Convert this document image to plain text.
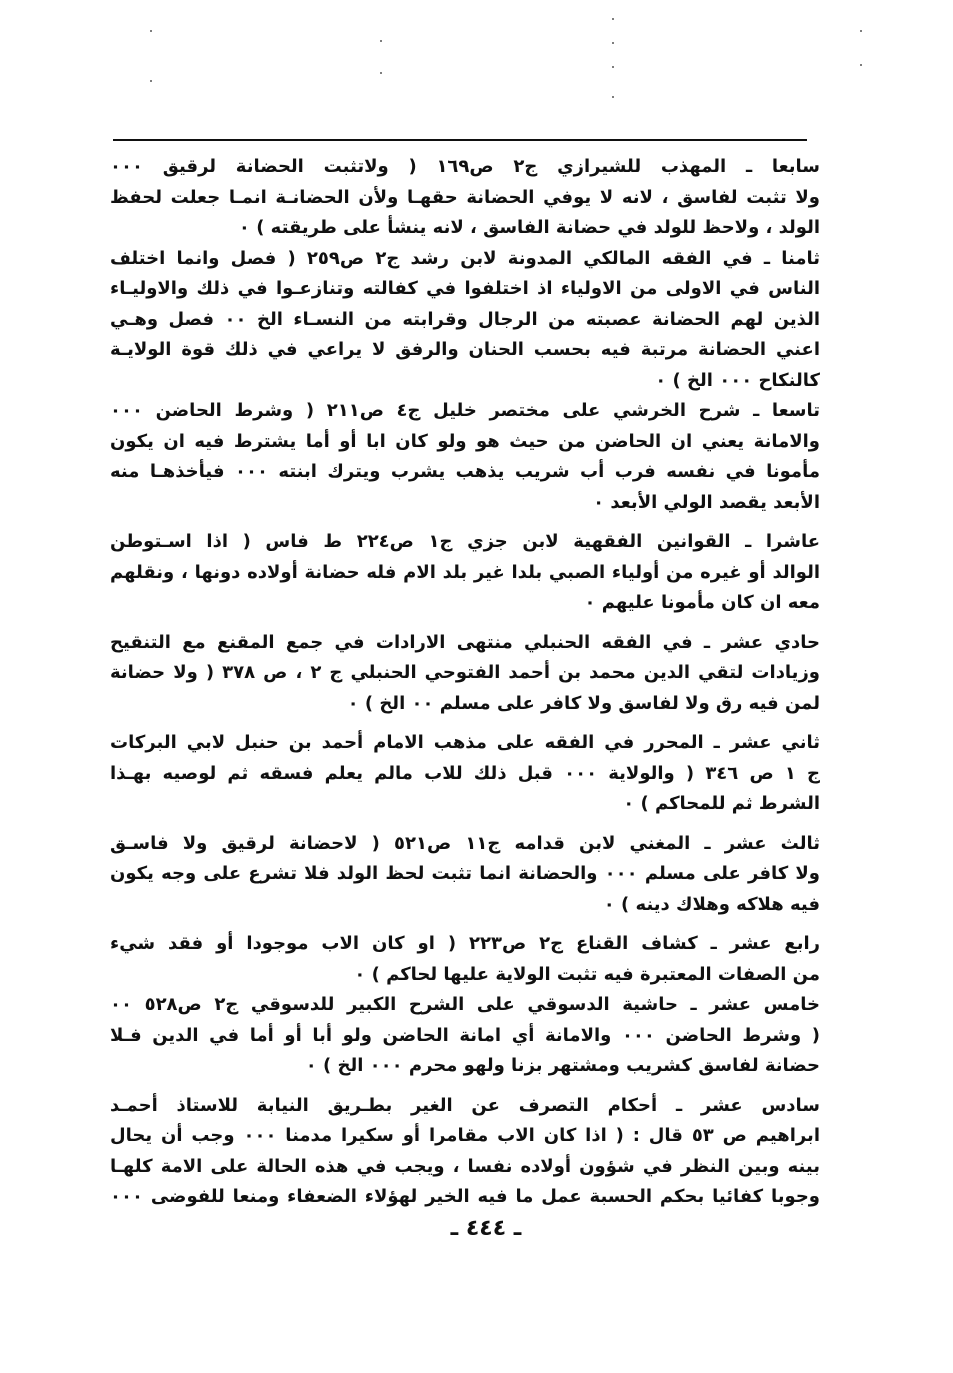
سابعا ـ المهذب للشيرازي ج٢ ص١٦٩ ( ولاتثبت الحضانة لرقيق ٠٠٠
ولا تثبت لفاسق ، لانه لا يوفي الحضانة حقهـا ولأن الحضانـة انمـا جعلت لحفظ
الولد ، ولاحظ للولد في حضانة الفاسق ، لانه ينشأ على طريقته ) ٠
ثامنا ـ في الفقه المالكي المدونة لابن رشد ج٢ ص٢٥٩ ( فصل وانما اختلف
الناس في الاولى من الاولياء اذ اختلفوا في كفالته وتنازعـوا في ذلك والاوليـاء
الذين لهم الحضانة عصبته من الرجال وقرابته من النسـاء الخ ٠٠ فصل وهـي
اعني الحضانة مرتبة فيه بحسب الحنان والرفق لا يراعي في ذلك قوة الولايـة
كالنكاح ٠٠٠ الخ ) ٠
تاسعا ـ شرح الخرشي على مختصر خليل ج٤ ص٢١١ ( وشرط الحاضن ٠٠٠
والامانة يعني ان الحاضن من حيث هو ولو كان ابا أو أما يشترط فيه ان يكون
مأمونا في نفسه فرب أب شريب يذهب يشرب ويترك ابنته ٠٠٠ فيأخذهـا منه
الأبعد يقصد الولي الأبعد ٠
عاشرا ـ القوانين الفقهية لابن جزي ج١ ص٢٢٤ ط فاس ( اذا اسـتوطن
الوالد أو غيره من أولياء الصبي بلدا غير بلد الام فله حضانة أولاده دونها ، ونقلهم
معه ان كان مأمونا عليهم ٠
حادي عشر ـ في الفقه الحنبلي منتهى الارادات في جمع المقنع مع التنقيح
وزيادات لتقي الدين محمد بن أحمد الفتوحي الحنبلي ج ٢ ، ص ٣٧٨ ( ولا حضانة
لمن فيه رق ولا لفاسق ولا كافر على مسلم ٠٠ الخ ) ٠
ثاني عشر ـ المحرر في الفقه على مذهب الامام أحمد بن حنبل لابي البركات
ج ١ ص ٣٤٦ ( والولاية ٠٠٠ قبل ذلك للاب مالم يعلم فسقه ثم لوصيه بهـذا
الشرط ثم للمحاكم ) ٠
ثالث عشر ـ المغني لابن قدامه ج١١ ص٥٢١ ( لاحضانة لرقيق ولا فاسـق
ولا كافر على مسلم ٠٠٠ والحضانة انما تثبت لحظ الولد فلا تشرع على وجه يكون
فيه هلاكه وهلاك دينه ) ٠
رابع عشر ـ كشاف القناع ج٢ ص٢٢٣ ( او كان الاب موجودا أو فقد شيء
من الصفات المعتبرة فيه تثبت الولاية عليها لحاكم ) ٠
خامس عشر ـ حاشية الدسوقي على الشرح الكبير للدسوقي ج٢ ص٥٢٨ ٠٠
( وشرط الحاضن ٠٠٠ والامانة أي امانة الحاضن ولو أبا أو أما في الدين فـلا
حضانة لفاسق كشريب ومشتهر بزنا ولهو محرم ٠٠٠ الخ ) ٠
سادس عشر ـ أحكام التصرف عن الغير بطـريق النيابة للاستاذ أحمـد
ابراهيم ص ٥٣ قال : ( اذا كان الاب مقامرا أو سكيرا مدمنا ٠٠٠ وجب أن يحال
بينه وبين النظر في شؤون أولاده نفسا ، ويجب في هذه الحالة على الامة كلهـا
وجوبا كفائيا بحكم الحسبة عمل ما فيه الخير لهؤلاء الضعفاء ومنعا للفوضى ٠٠٠
ـ ٤٤٤ ـ
